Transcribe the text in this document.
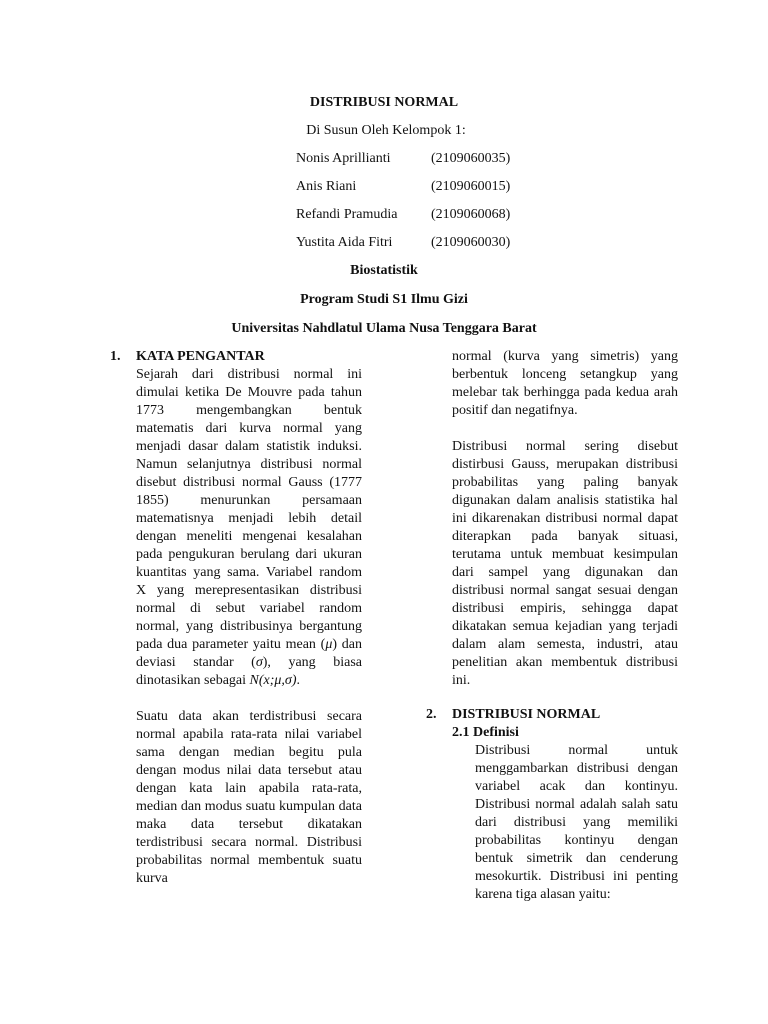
DISTRIBUSI NORMAL
Di Susun Oleh Kelompok 1:
Nonis Aprillianti	(2109060035)
Anis Riani	(2109060015)
Refandi Pramudia (2109060068)
Yustita Aida Fitri	(2109060030)
Biostatistik
Program Studi S1 Ilmu Gizi
Universitas Nahdlatul Ulama Nusa Tenggara Barat
1. KATA PENGANTAR

Sejarah dari distribusi normal ini dimulai ketika De Mouvre pada tahun 1773 mengembangkan bentuk matematis dari kurva normal yang menjadi dasar dalam statistik induksi. Namun selanjutnya distribusi normal disebut distribusi normal Gauss (1777 1855) menurunkan persamaan matematisnya menjadi lebih detail dengan meneliti mengenai kesalahan pada pengukuran berulang dari ukuran kuantitas yang sama. Variabel random X yang merepresentasikan distribusi normal di sebut variabel random normal, yang distribusinya bergantung pada dua parameter yaitu mean (μ) dan deviasi standar (σ), yang biasa dinotasikan sebagai N(x;μ,σ).

Suatu data akan terdistribusi secara normal apabila rata-rata nilai variabel sama dengan median begitu pula dengan modus nilai data tersebut atau dengan kata lain apabila rata-rata, median dan modus suatu kumpulan data maka data tersebut dikatakan terdistribusi secara normal. Distribusi probabilitas normal membentuk suatu kurva

normal (kurva yang simetris) yang berbentuk lonceng setangkup yang melebar tak berhingga pada kedua arah positif dan negatifnya.

Distribusi normal sering disebut distirbusi Gauss, merupakan distribusi probabilitas yang paling banyak digunakan dalam analisis statistika hal ini dikarenakan distribusi normal dapat diterapkan pada banyak situasi, terutama untuk membuat kesimpulan dari sampel yang digunakan dan distribusi normal sangat sesuai dengan distribusi empiris, sehingga dapat dikatakan semua kejadian yang terjadi dalam alam semesta, industri, atau penelitian akan membentuk distribusi ini.

2. DISTRIBUSI NORMAL
2.1 Definisi

Distribusi normal untuk menggambarkan distribusi dengan variabel acak dan kontinyu. Distribusi normal adalah salah satu dari distribusi yang memiliki probabilitas kontinyu dengan bentuk simetrik dan cenderung mesokurtik. Distribusi ini penting karena tiga alasan yaitu:
